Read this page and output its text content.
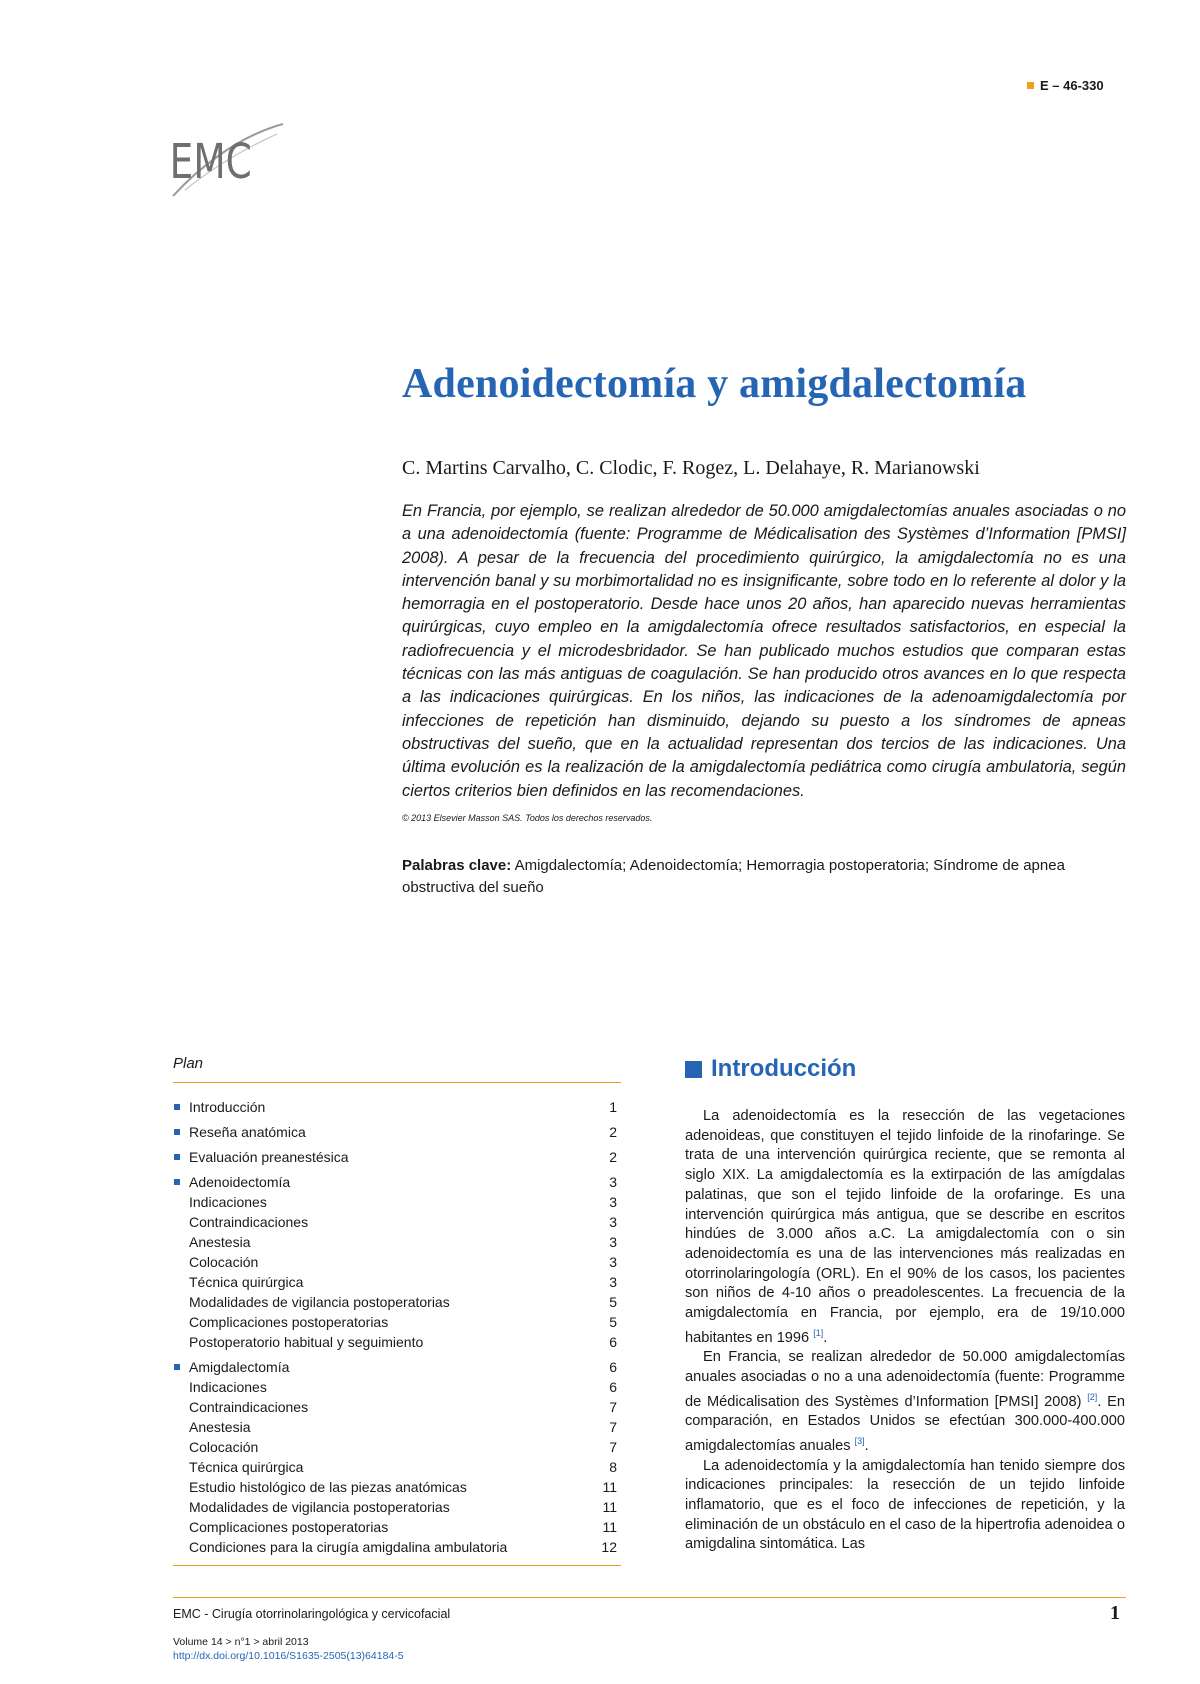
E – 46-330
EMC
Adenoidectomía y amigdalectomía

C. Martins Carvalho, C. Clodic, F. Rogez, L. Delahaye, R. Marianowski

En Francia, por ejemplo, se realizan alrededor de 50.000 amigdalectomías anuales asociadas o no a una adenoidectomía (fuente: Programme de Médicalisation des Systèmes d’Information [PMSI] 2008). A pesar de la frecuencia del procedimiento quirúrgico, la amigdalectomía no es una intervención banal y su morbimortalidad no es insignificante, sobre todo en lo referente al dolor y la hemorragia en el postoperatorio. Desde hace unos 20 años, han aparecido nuevas herramientas quirúrgicas, cuyo empleo en la amigdalectomía ofrece resultados satisfactorios, en especial la radiofrecuencia y el microdesbridador. Se han publicado muchos estudios que comparan estas técnicas con las más antiguas de coagulación. Se han producido otros avances en lo que respecta a las indicaciones quirúrgicas. En los niños, las indicaciones de la adenoamigdalectomía por infecciones de repetición han disminuido, dejando su puesto a los síndromes de apneas obstructivas del sueño, que en la actualidad representan dos tercios de las indicaciones. Una última evolución es la realización de la amigdalectomía pediátrica como cirugía ambulatoria, según ciertos criterios bien definidos en las recomendaciones.

© 2013 Elsevier Masson SAS. Todos los derechos reservados.
Palabras clave: Amigdalectomía; Adenoidectomía; Hemorragia postoperatoria; Síndrome de apnea obstructiva del sueño
Plan
Introducción	1
Reseña anatómica	2
Evaluación preanestésica	2
Adenoidectomía	3
Indicaciones	3
Contraindicaciones	3
Anestesia	3
Colocación	3
Técnica quirúrgica	3
Modalidades de vigilancia postoperatorias	5
Complicaciones postoperatorias	5
Postoperatorio habitual y seguimiento	6
Amigdalectomía	6
Indicaciones	6
Contraindicaciones	7
Anestesia	7
Colocación	7
Técnica quirúrgica	8
Estudio histológico de las piezas anatómicas	11
Modalidades de vigilancia postoperatorias	11
Complicaciones postoperatorias	11
Condiciones para la cirugía amigdalina ambulatoria	12
Introducción

La adenoidectomía es la resección de las vegetaciones adenoideas, que constituyen el tejido linfoide de la rinofaringe. Se trata de una intervención quirúrgica reciente, que se remonta al siglo XIX. La amigdalectomía es la extirpación de las amígdalas palatinas, que son el tejido linfoide de la orofaringe. Es una intervención quirúrgica más antigua, que se describe en escritos hindúes de 3.000 años a.C. La amigdalectomía con o sin adenoidectomía es una de las intervenciones más realizadas en otorrinolaringología (ORL). En el 90% de los casos, los pacientes son niños de 4-10 años o preadolescentes. La frecuencia de la amigdalectomía en Francia, por ejemplo, era de 19/10.000 habitantes en 1996 [1].

En Francia, se realizan alrededor de 50.000 amigdalectomías anuales asociadas o no a una adenoidectomía (fuente: Programme de Médicalisation des Systèmes d’Information [PMSI] 2008) [2]. En comparación, en Estados Unidos se efectúan 300.000-400.000 amigdalectomías anuales [3].

La adenoidectomía y la amigdalectomía han tenido siempre dos indicaciones principales: la resección de un tejido linfoide inflamatorio, que es el foco de infecciones de repetición, y la eliminación de un obstáculo en el caso de la hipertrofia adenoidea o amigdalina sintomática. Las

EMC - Cirugía otorrinolaringológica y cervicofacial	1
Volume 14 > n°1 > abril 2013
http://dx.doi.org/10.1016/S1635-2505(13)64184-5
